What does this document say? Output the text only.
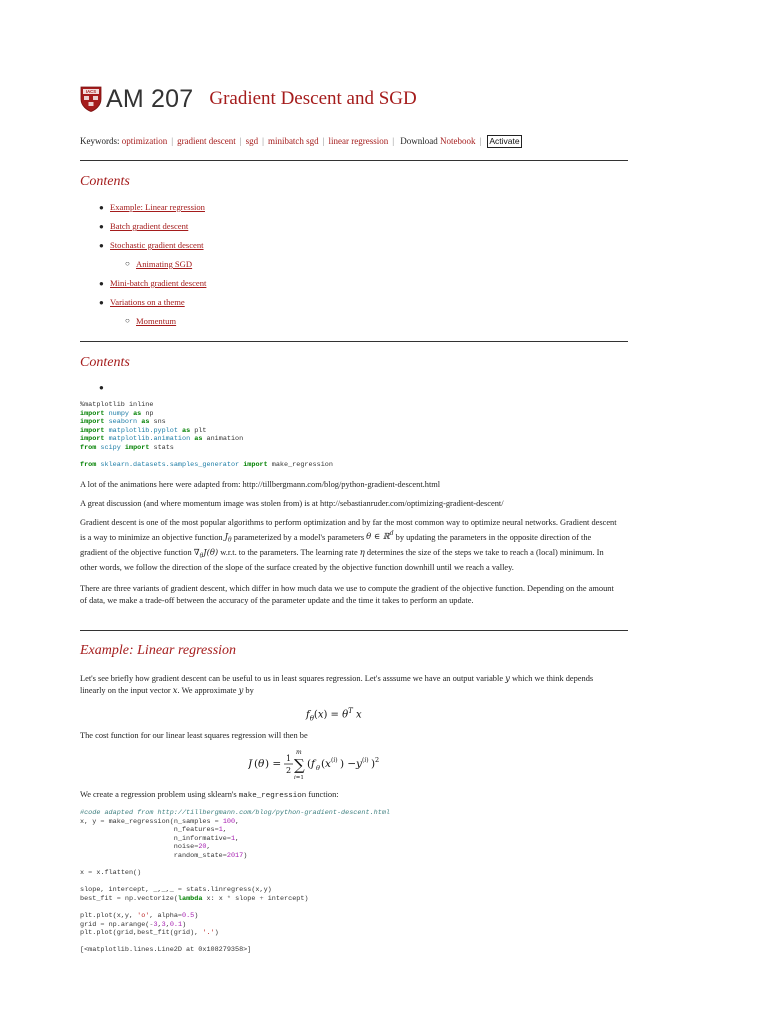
IACS AM 207 Gradient Descent and SGD
Keywords: optimization | gradient descent | sgd | minibatch sgd | linear regression | Download Notebook | Activate
Contents
● Example: Linear regression
● Batch gradient descent
● Stochastic gradient descent
○ Animating SGD
● Mini-batch gradient descent
● Variations on a theme
○ Momentum
Contents
●
%matplotlib inline
import numpy as np
import seaborn as sns
import matplotlib.pyplot as plt
import matplotlib.animation as animation
from scipy import stats

from sklearn.datasets.samples_generator import make_regression
A lot of the animations here were adapted from: http://tillbergmann.com/blog/python-gradient-descent.html
A great discussion (and where momentum image was stolen from) is at http://sebastianruder.com/optimizing-gradient-descent/
Gradient descent is one of the most popular algorithms to perform optimization and by far the most common way to optimize neural networks. Gradient descent is a way to minimize an objective function $J_\theta$ parameterized by a model's parameters θ ∈ ℝ$^d$ by updating the parameters in the opposite direction of the gradient of the objective function $\nabla_\theta J(\theta)$ w.r.t. to the parameters. The learning rate η determines the size of the steps we take to reach a (local) minimum. In other words, we follow the direction of the slope of the surface created by the objective function downhill until we reach a valley.
There are three variants of gradient descent, which differ in how much data we use to compute the gradient of the objective function. Depending on the amount of data, we make a trade-off between the accuracy of the parameter update and the time it takes to perform an update.
Example: Linear regression
Let's see briefly how gradient descent can be useful to us in least squares regression. Let's asssume we have an output variable y which we think depends linearly on the input vector x. We approximate y by
$f_\theta(x) = \theta^T$ x
The cost function for our linear least squares regression will then be
J ( θ ) = 1
2
m
∑
i=1
( f θ ( x (i) ) − y (i) ) 2
We create a regression problem using sklearn's make_regression function:
#code adapted from http://tillbergmann.com/blog/python-gradient-descent.html
x, y = make_regression(n_samples = 100,
n_features=1,
n_informative=1,
noise=20,
random_state=2017)

x = x.flatten()

slope, intercept, _,_,_ = stats.linregress(x,y)
best_fit = np.vectorize(lambda x: x * slope + intercept)

plt.plot(x,y, 'o', alpha=0.5)
grid = np.arange(-3,3,0.1)
plt.plot(grid,best_fit(grid), '.')
[<matplotlib.lines.Line2D at 0x108279358>]
